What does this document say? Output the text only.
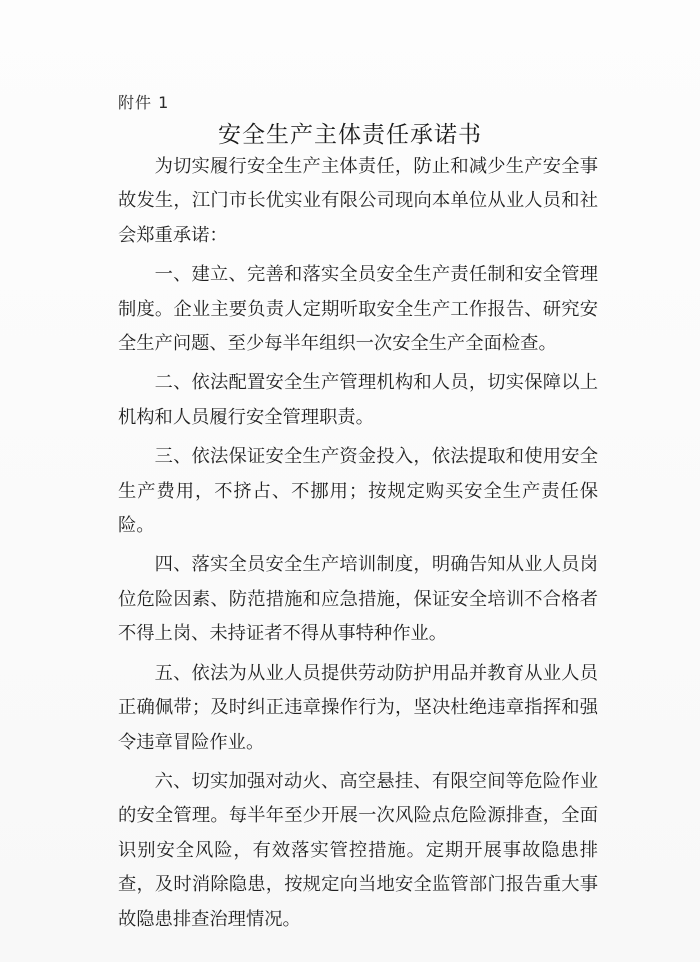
附件 1
安全生产主体责任承诺书

为切实履行安全生产主体责任，防止和减少生产安全事故发生，江门市长优实业有限公司现向本单位从业人员和社会郑重承诺：

一、建立、完善和落实全员安全生产责任制和安全管理制度。企业主要负责人定期听取安全生产工作报告、研究安全生产问题、至少每半年组织一次安全生产全面检查。

二、依法配置安全生产管理机构和人员，切实保障以上机构和人员履行安全管理职责。

三、依法保证安全生产资金投入，依法提取和使用安全生产费用，不挤占、不挪用；按规定购买安全生产责任保险。

四、落实全员安全生产培训制度，明确告知从业人员岗位危险因素、防范措施和应急措施，保证安全培训不合格者不得上岗、未持证者不得从事特种作业。

五、依法为从业人员提供劳动防护用品并教育从业人员正确佩带；及时纠正违章操作行为，坚决杜绝违章指挥和强令违章冒险作业。

六、切实加强对动火、高空悬挂、有限空间等危险作业的安全管理。每半年至少开展一次风险点危险源排查，全面识别安全风险，有效落实管控措施。定期开展事故隐患排查，及时消除隐患，按规定向当地安全监管部门报告重大事故隐患排查治理情况。
